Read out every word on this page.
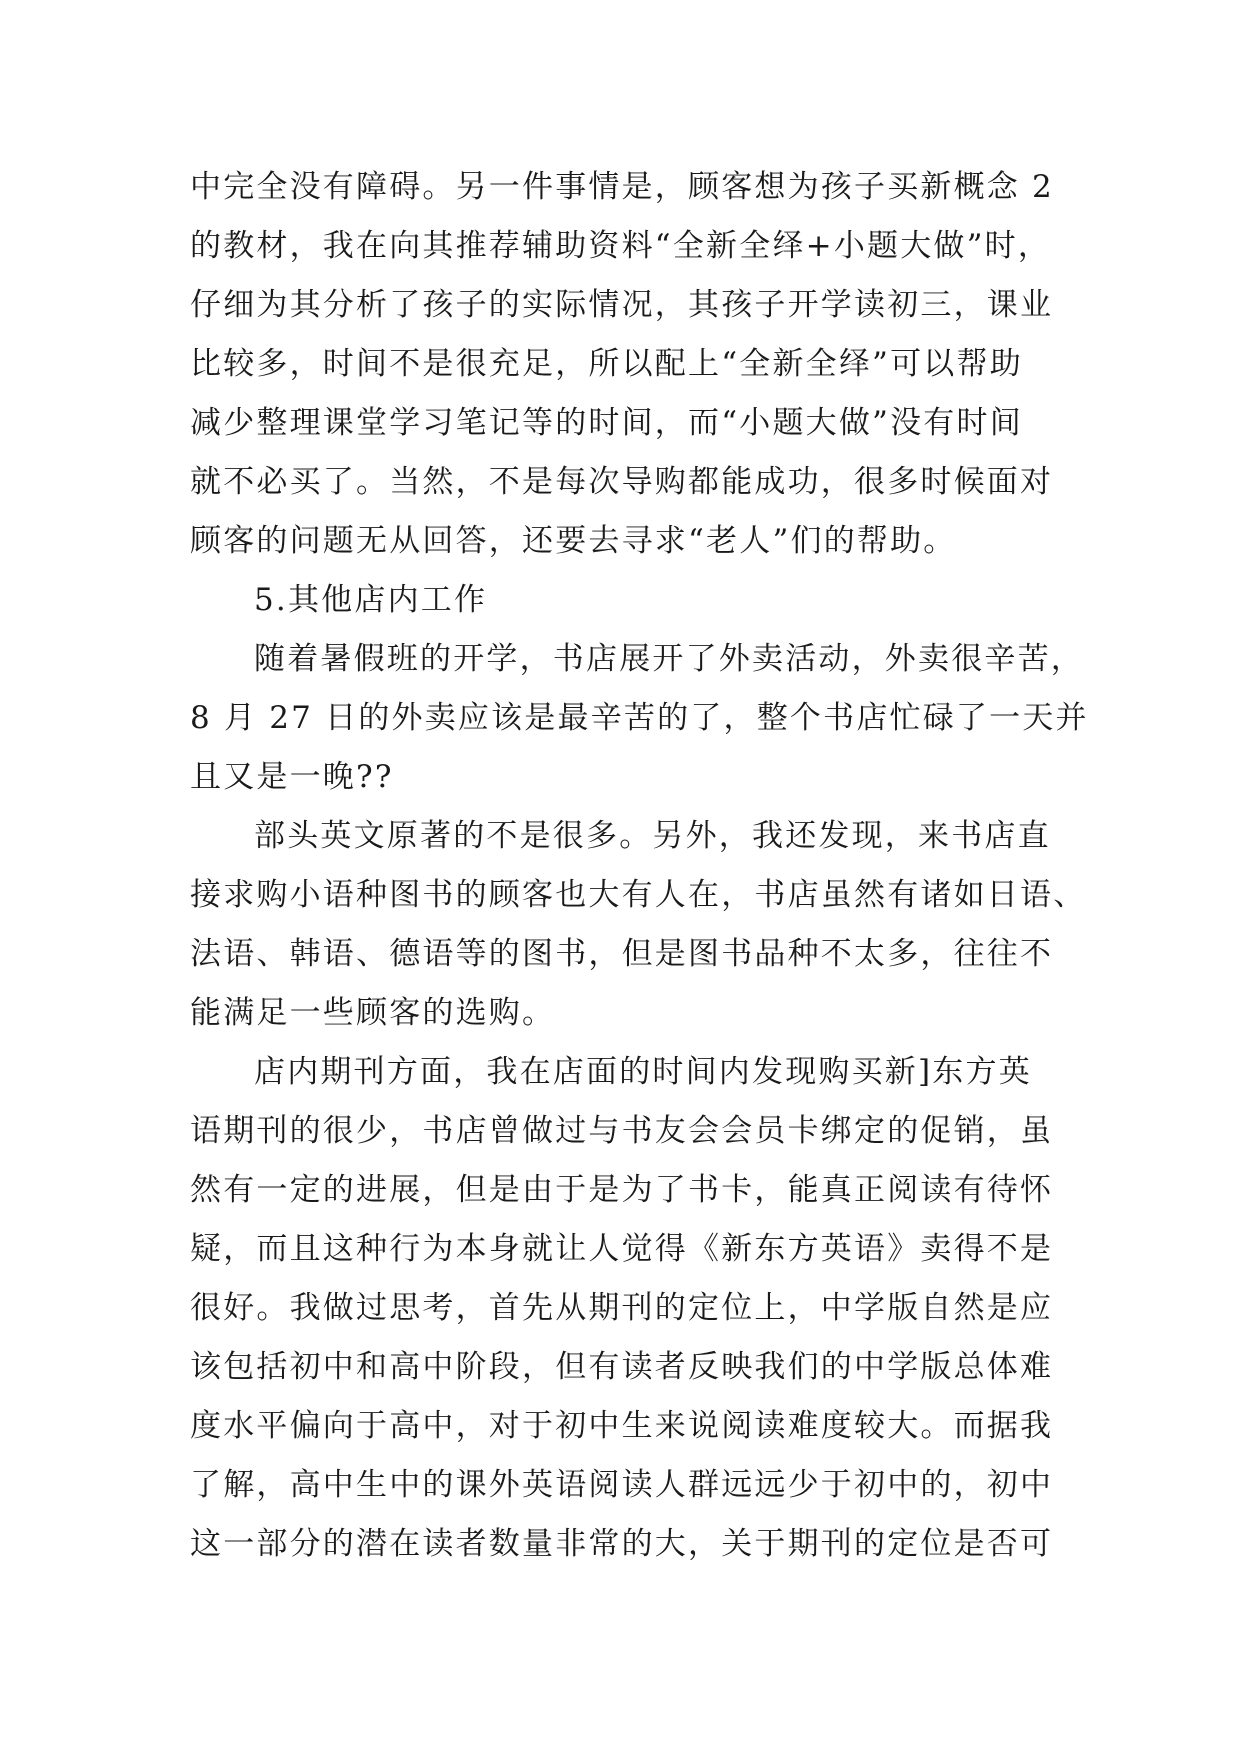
中完全没有障碍。另一件事情是，顾客想为孩子买新概念 2
的教材，我在向其推荐辅助资料“全新全绎+小题大做”时，
仔细为其分析了孩子的实际情况，其孩子开学读初三，课业
比较多，时间不是很充足，所以配上“全新全绎”可以帮助
减少整理课堂学习笔记等的时间，而“小题大做”没有时间
就不必买了。当然，不是每次导购都能成功，很多时候面对
顾客的问题无从回答，还要去寻求“老人”们的帮助。
5.其他店内工作
随着暑假班的开学，书店展开了外卖活动，外卖很辛苦，
8 月 27 日的外卖应该是最辛苦的了，整个书店忙碌了一天并
且又是一晚??
部头英文原著的不是很多。另外，我还发现，来书店直
接求购小语种图书的顾客也大有人在，书店虽然有诸如日语、
法语、韩语、德语等的图书，但是图书品种不太多，往往不
能满足一些顾客的选购。
店内期刊方面，我在店面的时间内发现购买新]东方英
语期刊的很少，书店曾做过与书友会会员卡绑定的促销，虽
然有一定的进展，但是由于是为了书卡，能真正阅读有待怀
疑，而且这种行为本身就让人觉得《新东方英语》卖得不是
很好。我做过思考，首先从期刊的定位上，中学版自然是应
该包括初中和高中阶段，但有读者反映我们的中学版总体难
度水平偏向于高中，对于初中生来说阅读难度较大。而据我
了解，高中生中的课外英语阅读人群远远少于初中的，初中
这一部分的潜在读者数量非常的大，关于期刊的定位是否可
